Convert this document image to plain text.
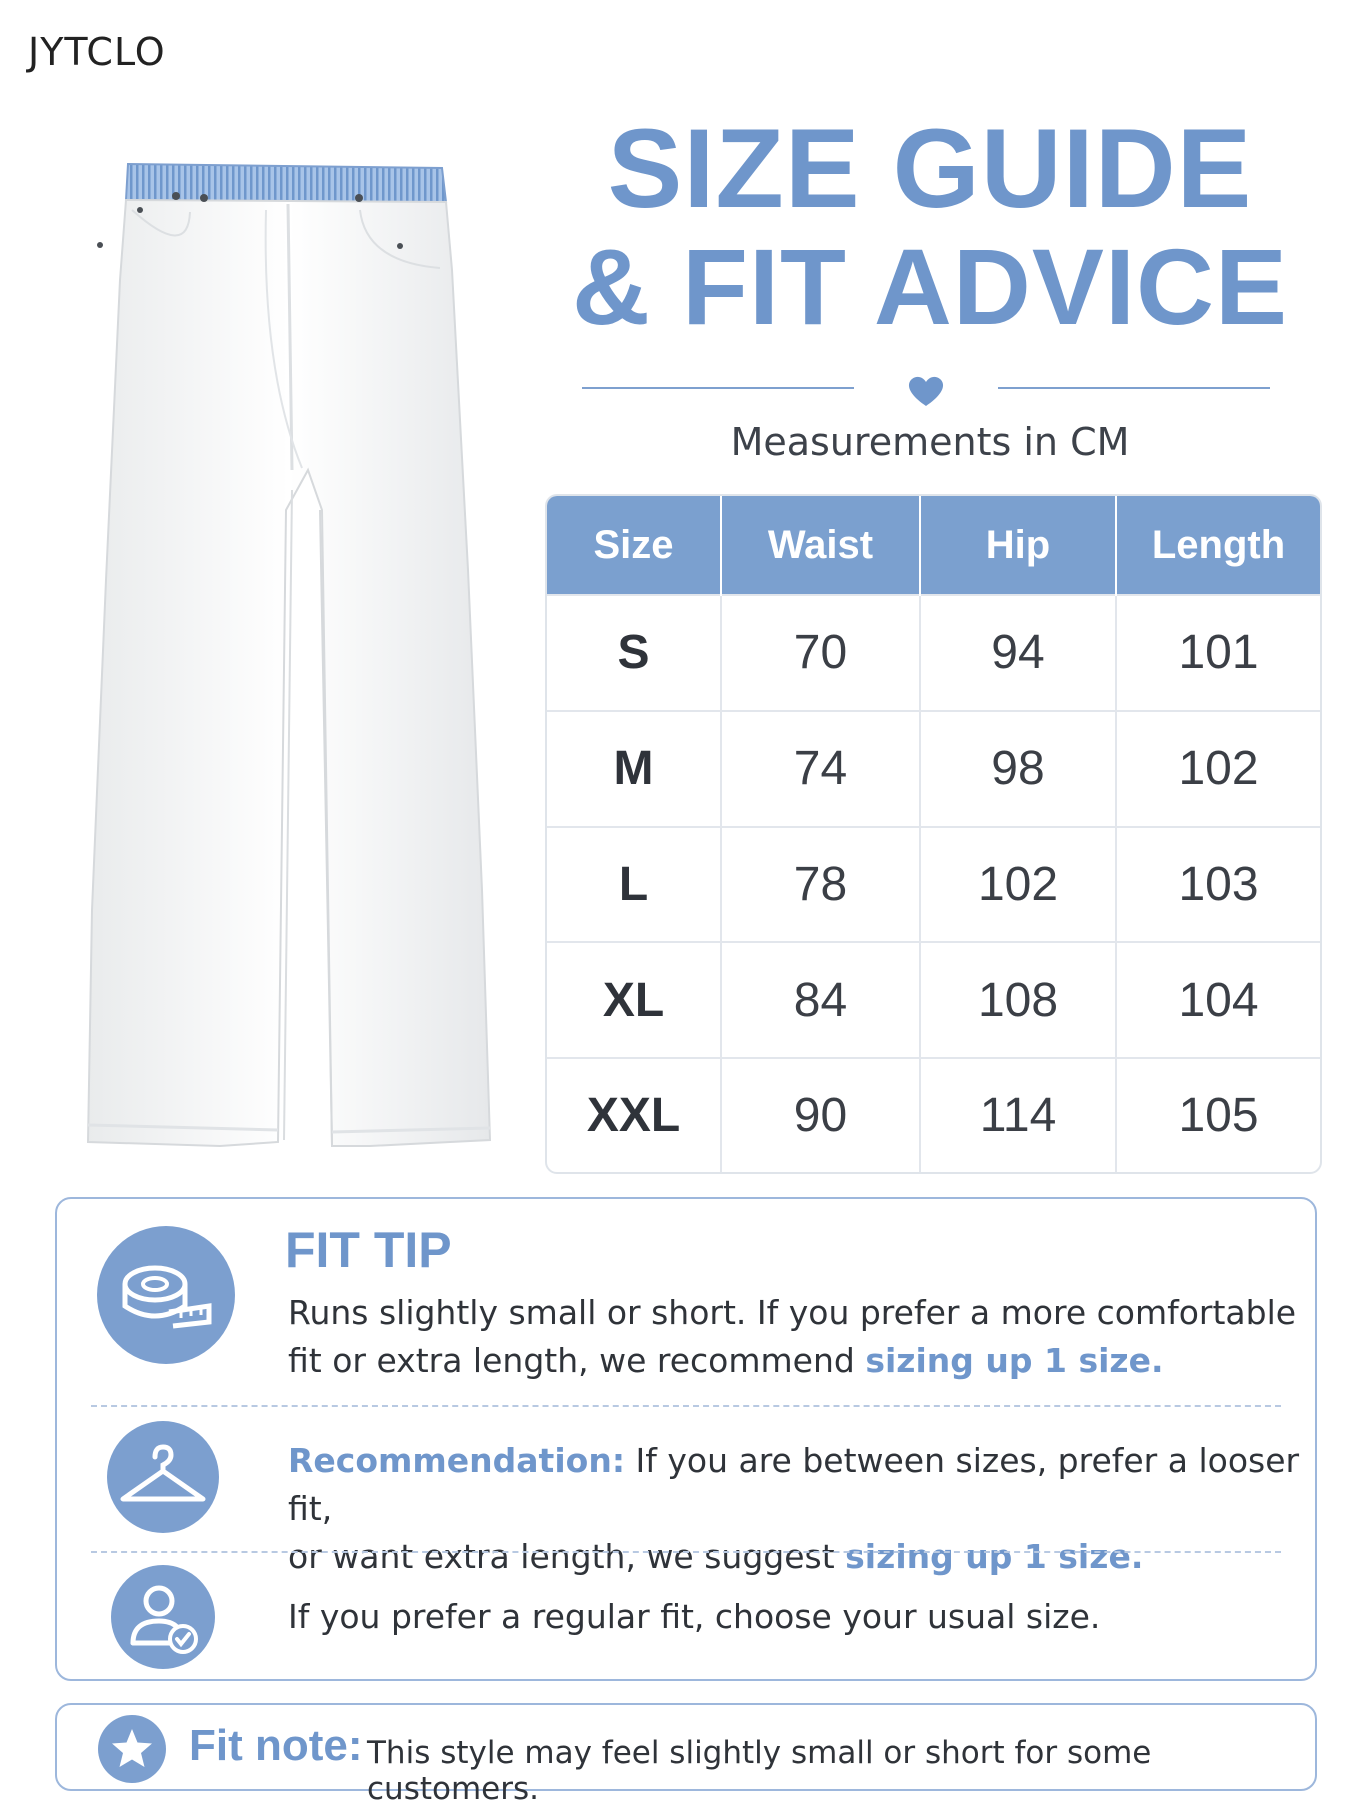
JYTCLO
SIZE GUIDE
& FIT ADVICE
Measurements in CM
Size	Waist	Hip	Length
S	70	94	101
M	74	98	102
L	78	102	103
XL	84	108	104
XXL	90	114	105
FIT TIP
Runs slightly small or short. If you prefer a more comfortable
fit or extra length, we recommend sizing up 1 size.
Recommendation: If you are between sizes, prefer a looser fit,
or want extra length, we suggest sizing up 1 size.
If you prefer a regular fit, choose your usual size.
Fit note: This style may feel slightly small or short for some customers.
